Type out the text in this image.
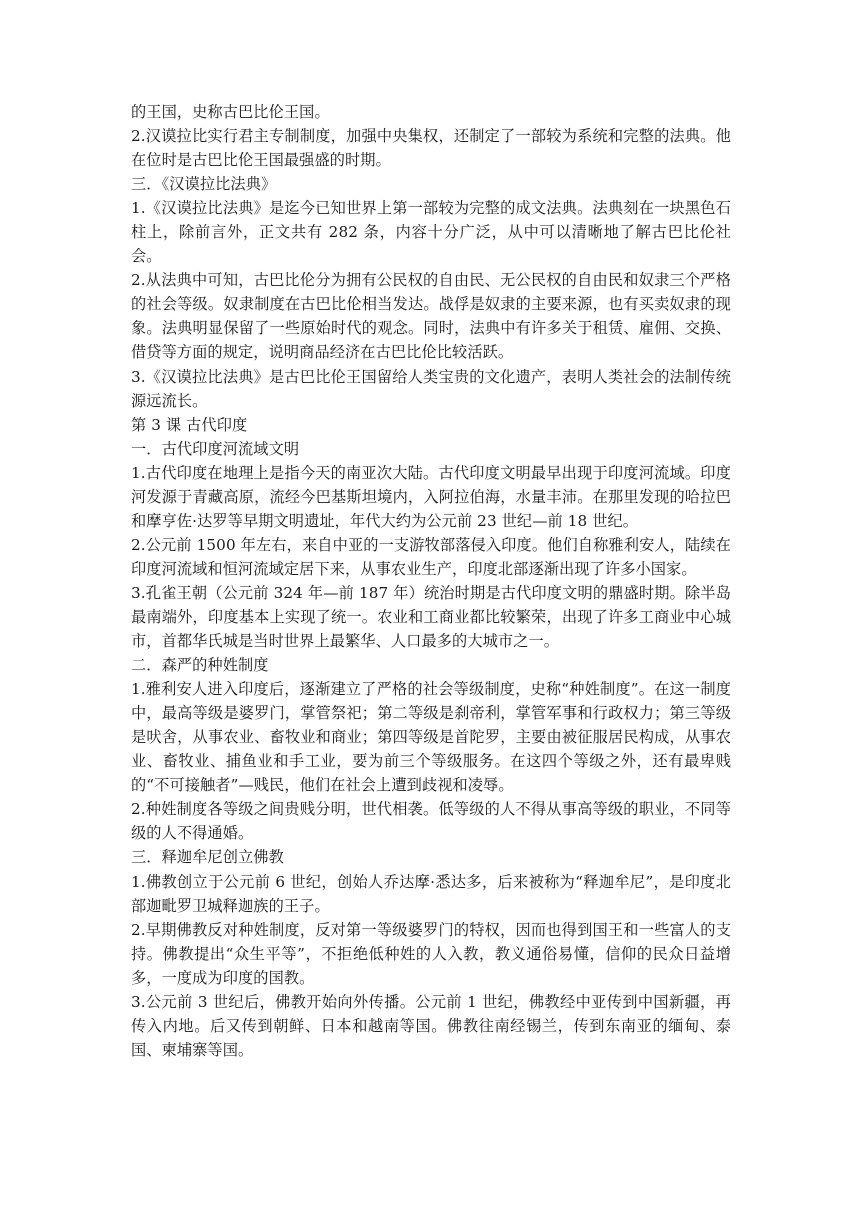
的王国，史称古巴比伦王国。

2.汉谟拉比实行君主专制制度，加强中央集权，还制定了一部较为系统和完整的法典。他在位时是古巴比伦王国最强盛的时期。

三．《汉谟拉比法典》

1.《汉谟拉比法典》是迄今已知世界上第一部较为完整的成文法典。法典刻在一块黑色石柱上，除前言外，正文共有 282 条，内容十分广泛，从中可以清晰地了解古巴比伦社会。

2.从法典中可知，古巴比伦分为拥有公民权的自由民、无公民权的自由民和奴隶三个严格的社会等级。奴隶制度在古巴比伦相当发达。战俘是奴隶的主要来源，也有买卖奴隶的现象。法典明显保留了一些原始时代的观念。同时，法典中有许多关于租赁、雇佣、交换、借贷等方面的规定，说明商品经济在古巴比伦比较活跃。

3.《汉谟拉比法典》是古巴比伦王国留给人类宝贵的文化遗产，表明人类社会的法制传统源远流长。

第 3 课 古代印度

一．古代印度河流域文明

1.古代印度在地理上是指今天的南亚次大陆。古代印度文明最早出现于印度河流域。印度河发源于青藏高原，流经今巴基斯坦境内，入阿拉伯海，水量丰沛。在那里发现的哈拉巴和摩亨佐·达罗等早期文明遗址，年代大约为公元前 23 世纪—前 18 世纪。

2.公元前 1500 年左右，来自中亚的一支游牧部落侵入印度。他们自称雅利安人，陆续在印度河流域和恒河流域定居下来，从事农业生产，印度北部逐渐出现了许多小国家。

3.孔雀王朝（公元前 324 年—前 187 年）统治时期是古代印度文明的鼎盛时期。除半岛最南端外，印度基本上实现了统一。农业和工商业都比较繁荣，出现了许多工商业中心城市，首都华氏城是当时世界上最繁华、人口最多的大城市之一。

二．森严的种姓制度

1.雅利安人进入印度后，逐渐建立了严格的社会等级制度，史称“种姓制度”。在这一制度中，最高等级是婆罗门，掌管祭祀；第二等级是刹帝利，掌管军事和行政权力；第三等级是吠舍，从事农业、畜牧业和商业；第四等级是首陀罗，主要由被征服居民构成，从事农业、畜牧业、捕鱼业和手工业，要为前三个等级服务。在这四个等级之外，还有最卑贱的“不可接触者”—贱民，他们在社会上遭到歧视和凌辱。

2.种姓制度各等级之间贵贱分明，世代相袭。低等级的人不得从事高等级的职业，不同等级的人不得通婚。

三．释迦牟尼创立佛教

1.佛教创立于公元前 6 世纪，创始人乔达摩·悉达多，后来被称为“释迦牟尼”，是印度北部迦毗罗卫城释迦族的王子。

2.早期佛教反对种姓制度，反对第一等级婆罗门的特权，因而也得到国王和一些富人的支持。佛教提出“众生平等”，不拒绝低种姓的人入教，教义通俗易懂，信仰的民众日益增多，一度成为印度的国教。

3.公元前 3 世纪后，佛教开始向外传播。公元前 1 世纪，佛教经中亚传到中国新疆，再传入内地。后又传到朝鲜、日本和越南等国。佛教往南经锡兰，传到东南亚的缅甸、泰国、柬埔寨等国。
